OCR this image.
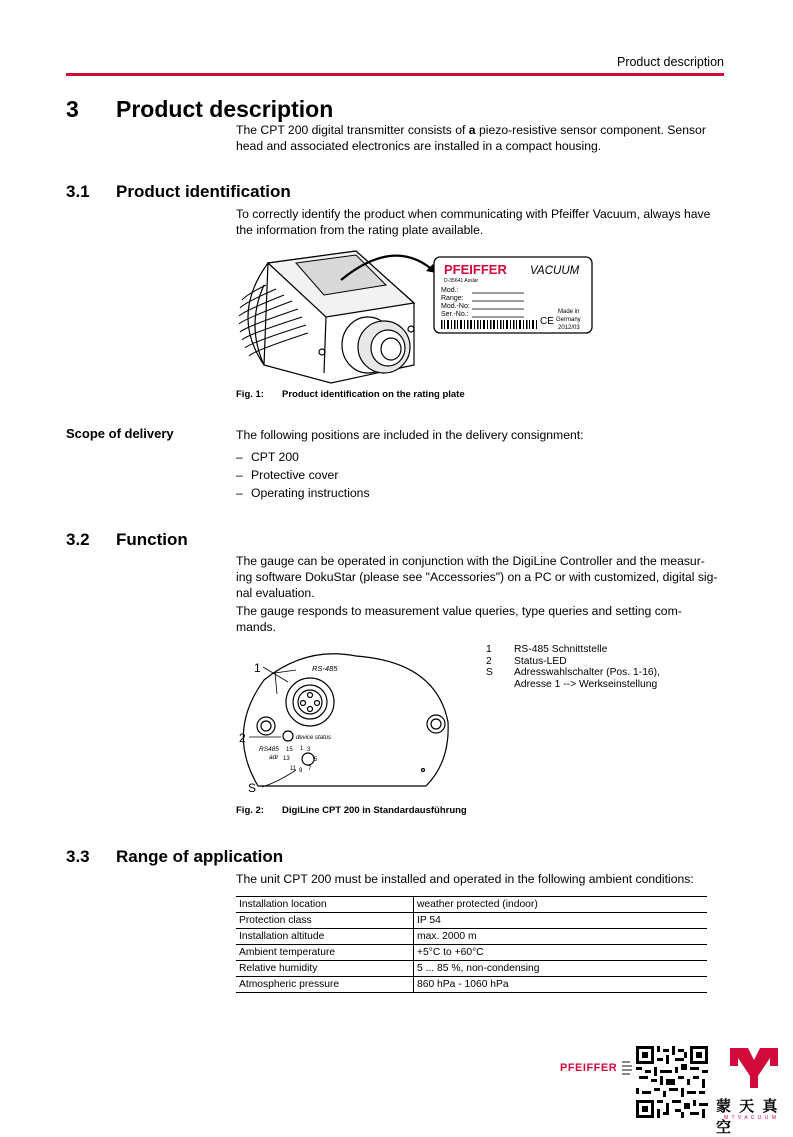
Product description
3 Product description
The CPT 200 digital transmitter consists of a piezo-resistive sensor component. Sensor
head and associated electronics are installed in a compact housing.
3.1 Product identification
To correctly identify the product when communicating with Pfeiffer Vacuum, always have
the information from the rating plate available.
PFEIFFER VACUUM
D-35641 Asslar
Mod.:
Range:
Mod.-No:
Ser.-No.:
CE
Made in
Germany
2012/03
Fig. 1: Product identification on the rating plate
Scope of delivery	The following positions are included in the delivery consignment:
– CPT 200
– Protective cover
– Operating instructions
3.2 Function
The gauge can be operated in conjunction with the DigiLine Controller and the measur-
ing software DokuStar (please see "Accessories") on a PC or with customized, digital sig-
nal evaluation.
The gauge responds to measurement value queries, type queries and setting com-
mands.
1
2
S
RS-485
device status
RS485
adr
15 1 3
13	5
11 9 7
1 RS-485 Schnittstelle
2 Status-LED
S Adresswahlschalter (Pos. 1-16),
Adresse 1 --> Werkseinstellung
Fig. 2: DigiLine CPT 200 in Standardausführung
3.3 Range of application
The unit CPT 200 must be installed and operated in the following ambient conditions:
Installation location	weather protected (indoor)
Protection class	IP 54
Installation altitude	max. 2000 m
Ambient temperature	+5°C to +60°C
Relative humidity	5 ... 85 %, non-condensing
Atmospheric pressure	860 hPa - 1060 hPa
PFEIFFER
蒙 天 真 空
M T V A C U U M
